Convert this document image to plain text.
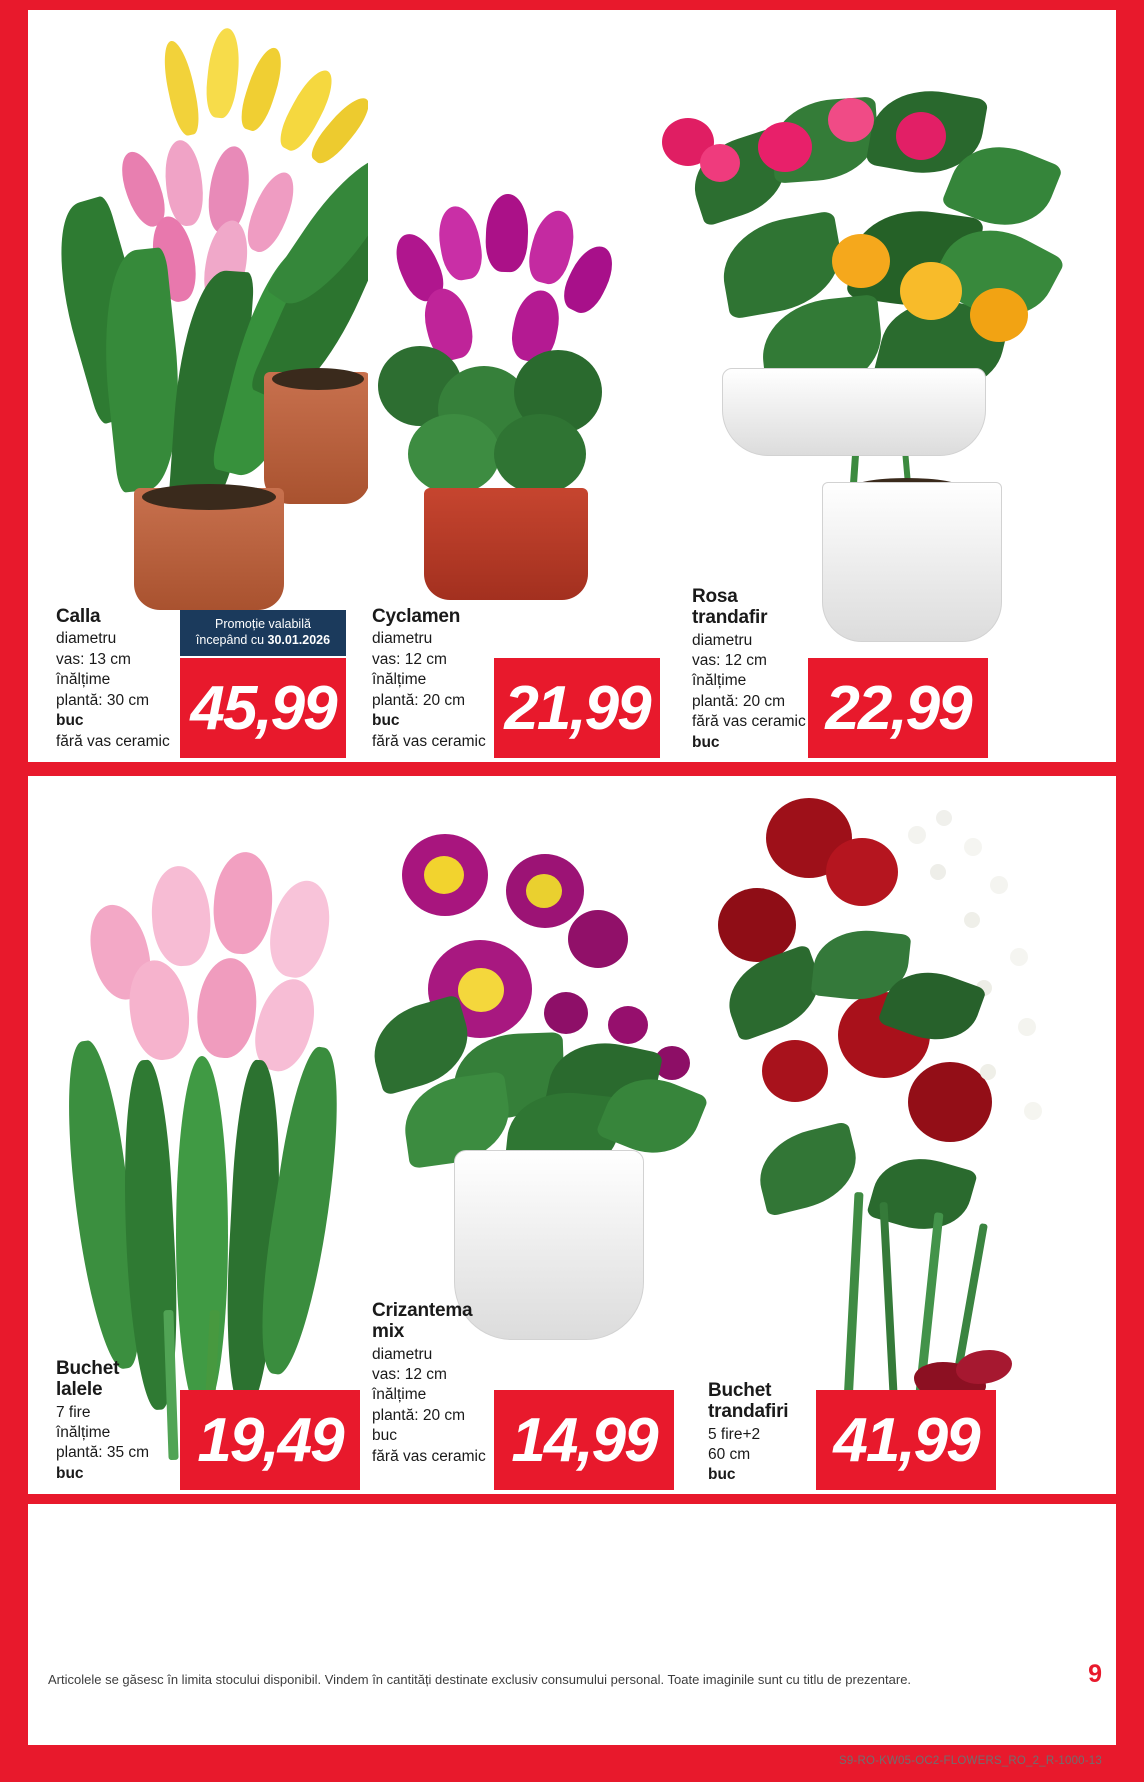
Calla
diametru
vas: 13 cm
înălțime
plantă: 30 cm
buc
fără vas ceramic
Promoție valabilă
începând cu 30.01.2026
45,99
Cyclamen
diametru
vas: 12 cm
înălțime
plantă: 20 cm
buc
fără vas ceramic 21,99
Rosa
trandafir
diametru
vas: 12 cm
înălțime
plantă: 20 cm
fără vas ceramic
buc	22,99
Buchet
lalele
7 fire
înălțime
plantă: 35 cm
buc	19,49
Crizantema
mix
diametru
vas: 12 cm
înălțime
plantă: 20 cm
buc
fără vas ceramic 14,99
Buchet
trandafiri
5 fire+2
60 cm
buc
41,99
Articolele se găsesc în limita stocului disponibil. Vindem în cantități destinate exclusiv consumului personal. Toate imaginile sunt cu titlu de prezentare.	9
S9-RO-KW05-OC2-FLOWERS_RO_2_R-1000-13
